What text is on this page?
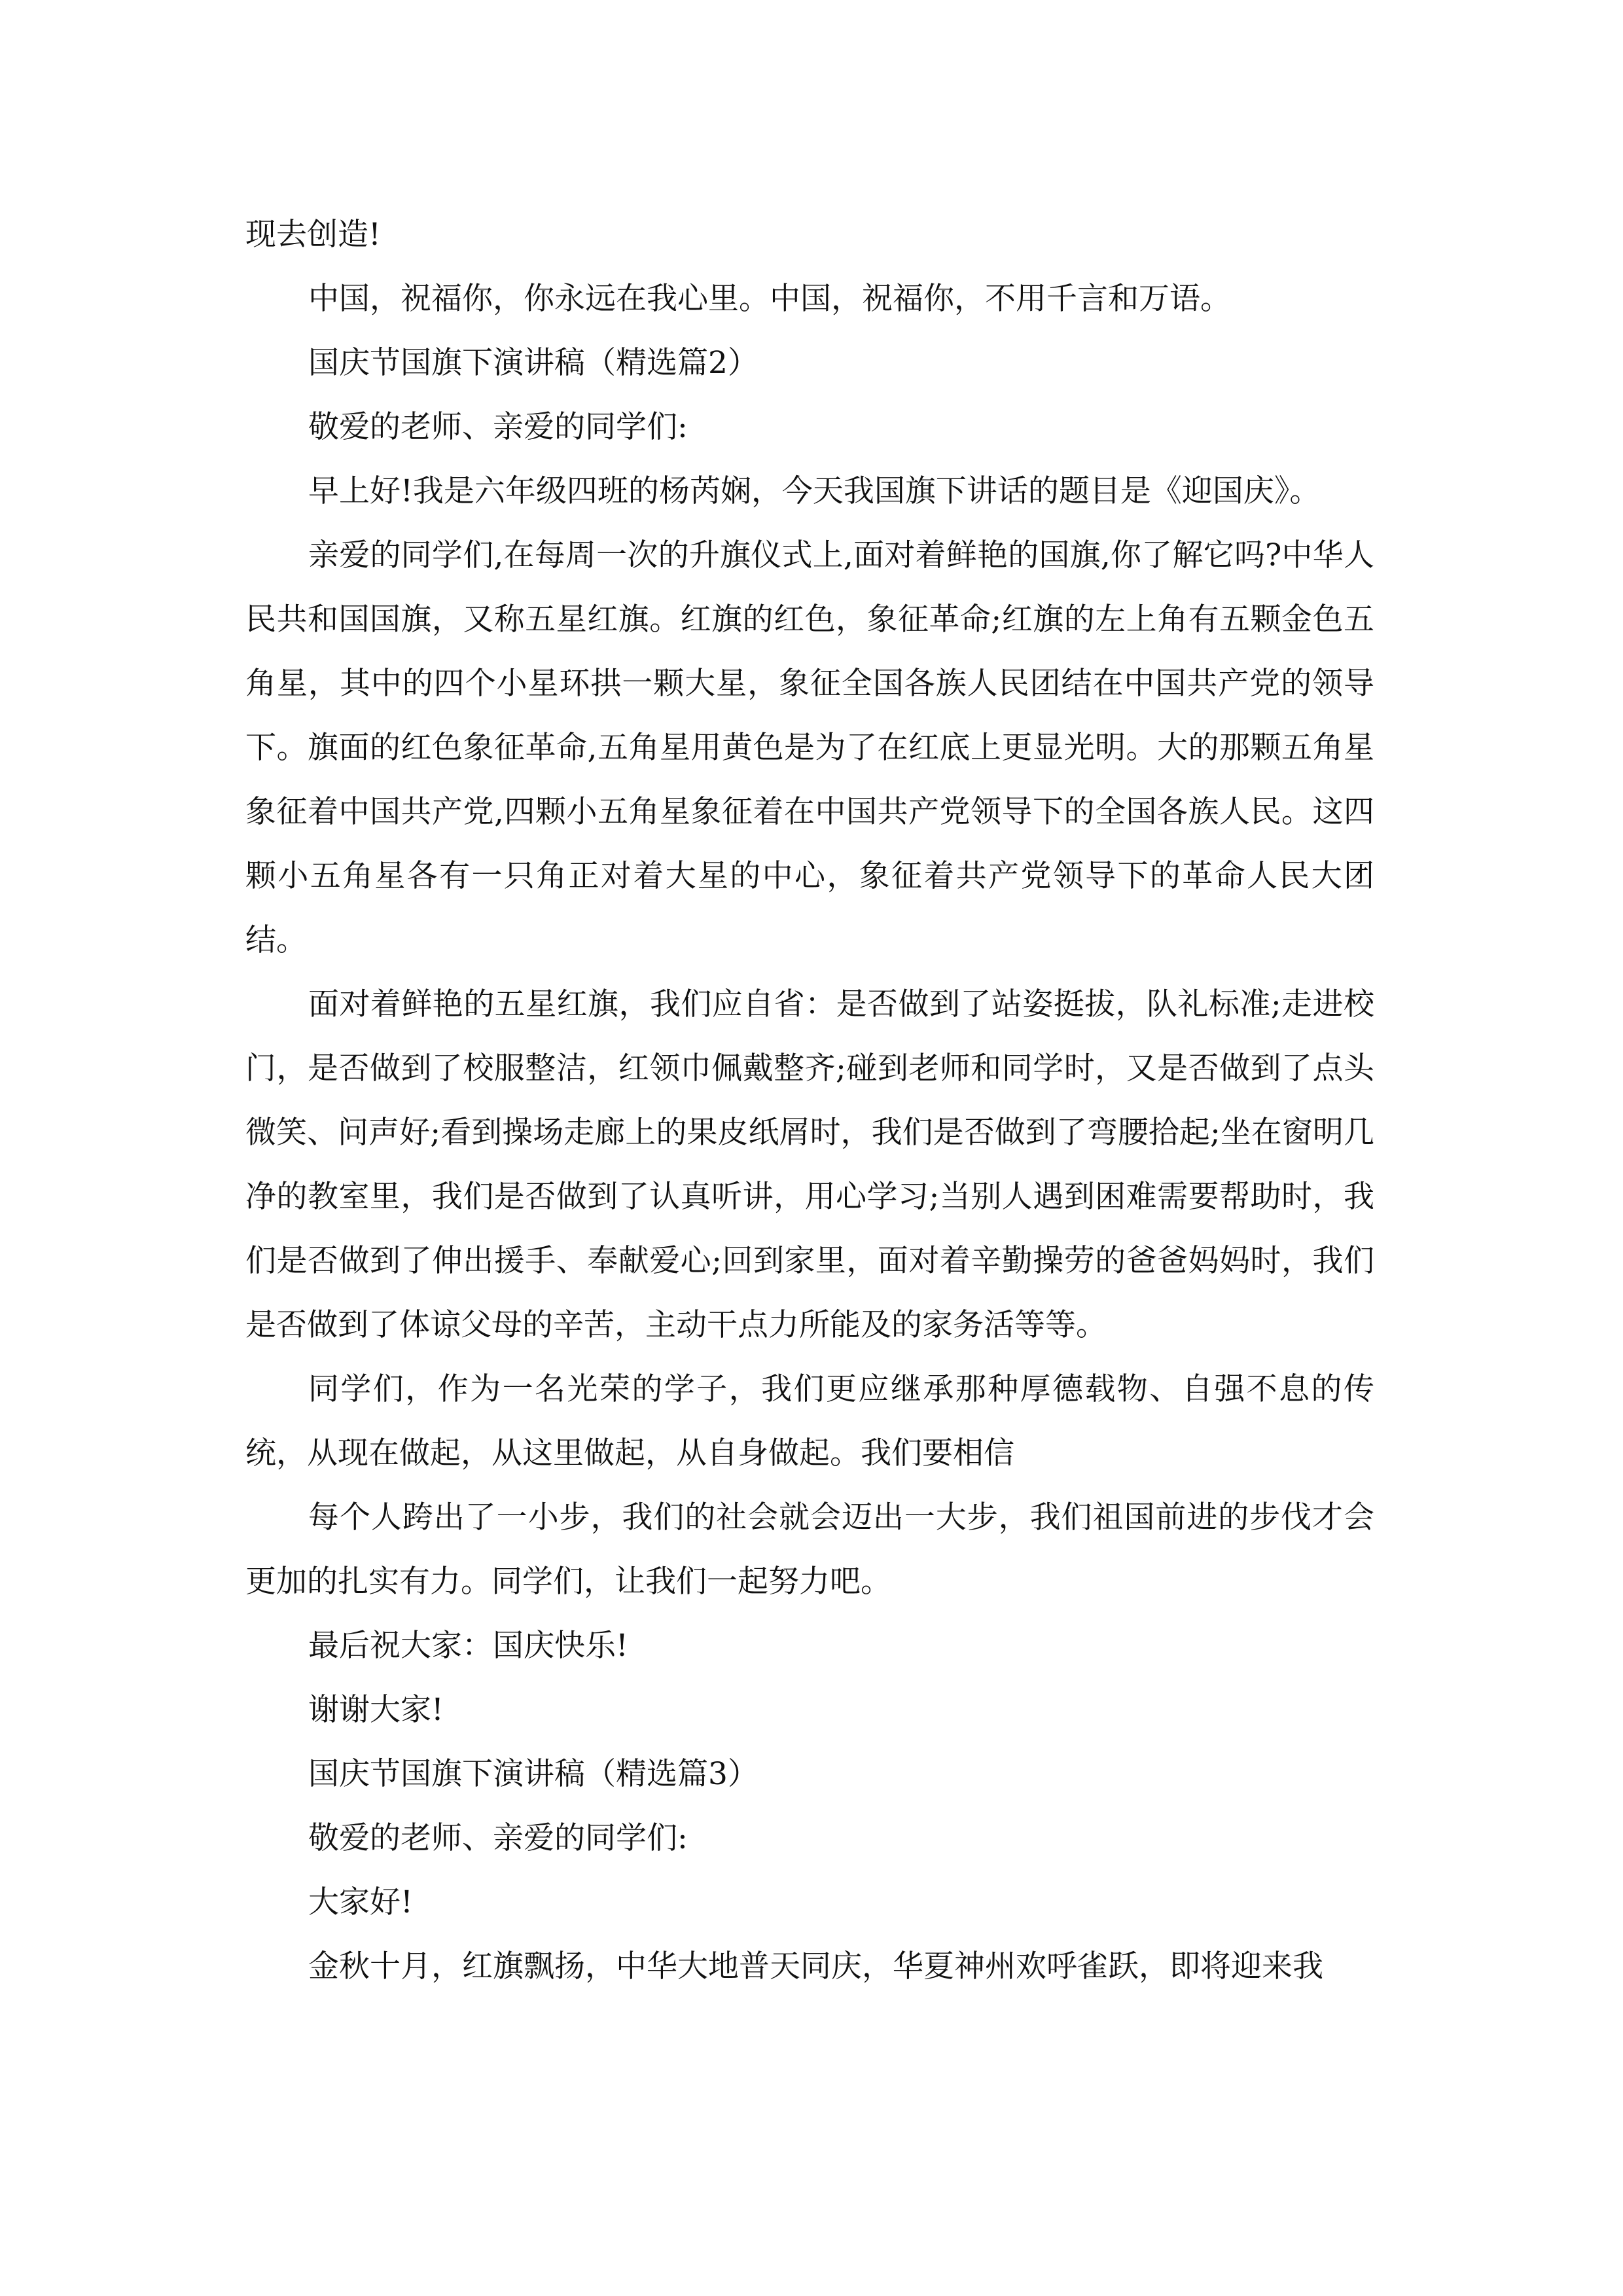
现去创造!

中国，祝福你，你永远在我心里。中国，祝福你，不用千言和万语。

国庆节国旗下演讲稿（精选篇2）

敬爱的老师、亲爱的同学们:

早上好!我是六年级四班的杨芮娴，今天我国旗下讲话的题目是《迎国庆》。

亲爱的同学们,在每周一次的升旗仪式上,面对着鲜艳的国旗,你了解它吗?中华人民共和国国旗，又称五星红旗。红旗的红色，象征革命;红旗的左上角有五颗金色五角星，其中的四个小星环拱一颗大星，象征全国各族人民团结在中国共产党的领导下。旗面的红色象征革命,五角星用黄色是为了在红底上更显光明。大的那颗五角星象征着中国共产党,四颗小五角星象征着在中国共产党领导下的全国各族人民。这四颗小五角星各有一只角正对着大星的中心，象征着共产党领导下的革命人民大团结。

面对着鲜艳的五星红旗，我们应自省：是否做到了站姿挺拔，队礼标准;走进校门，是否做到了校服整洁，红领巾佩戴整齐;碰到老师和同学时，又是否做到了点头微笑、问声好;看到操场走廊上的果皮纸屑时，我们是否做到了弯腰拾起;坐在窗明几净的教室里，我们是否做到了认真听讲，用心学习;当别人遇到困难需要帮助时，我们是否做到了伸出援手、奉献爱心;回到家里，面对着辛勤操劳的爸爸妈妈时，我们是否做到了体谅父母的辛苦，主动干点力所能及的家务活等等。

同学们，作为一名光荣的学子，我们更应继承那种厚德载物、自强不息的传统，从现在做起，从这里做起，从自身做起。我们要相信

每个人跨出了一小步，我们的社会就会迈出一大步，我们祖国前进的步伐才会更加的扎实有力。同学们，让我们一起努力吧。

最后祝大家：国庆快乐!

谢谢大家!

国庆节国旗下演讲稿（精选篇3）

敬爱的老师、亲爱的同学们:

大家好!

金秋十月，红旗飘扬，中华大地普天同庆，华夏神州欢呼雀跃，即将迎来我
